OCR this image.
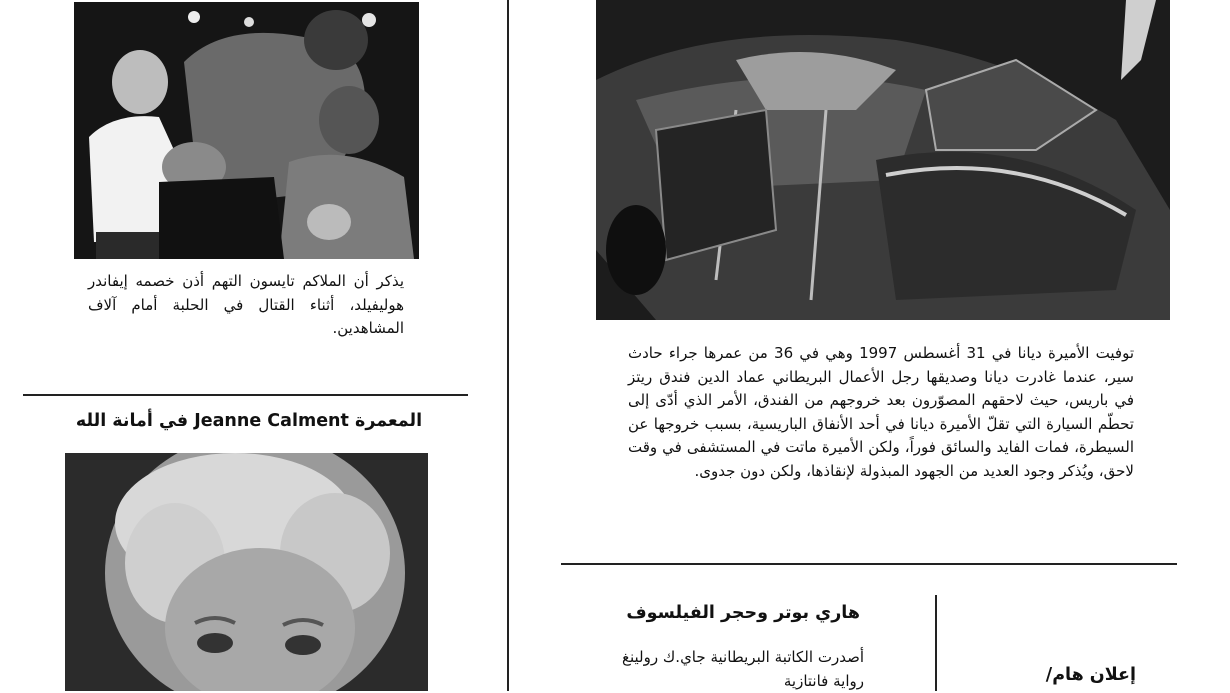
يذكر أن الملاكم تايسون التهم أذن خصمه إيفاندر هوليفيلد، أثناء القتال في الحلبة أمام آلاف المشاهدين.

المعمرة Jeanne Calment في أمانة الله

توفيت الأميرة ديانا في 31 أغسطس 1997 وهي في 36 من عمرها جراء حادث سير، عندما غادرت ديانا وصديقها رجل الأعمال البريطاني عماد الدين فندق ريتز في باريس، حيث لاحقهم المصوّرون بعد خروجهم من الفندق، الأمر الذي أدّى إلى تحطّم السيارة التي تقلّ الأميرة ديانا في أحد الأنفاق الباريسية، بسبب خروجها عن السيطرة، فمات الفايد والسائق فوراً، ولكن الأميرة ماتت في المستشفى في وقت لاحق، ويُذكر وجود العديد من الجهود المبذولة لإنقاذها، ولكن دون جدوى.

هاري بوتر وحجر الفيلسوف

أصدرت الكاتبة البريطانية جاي.ك رولينغ رواية فانتازية	إعلان هام/
